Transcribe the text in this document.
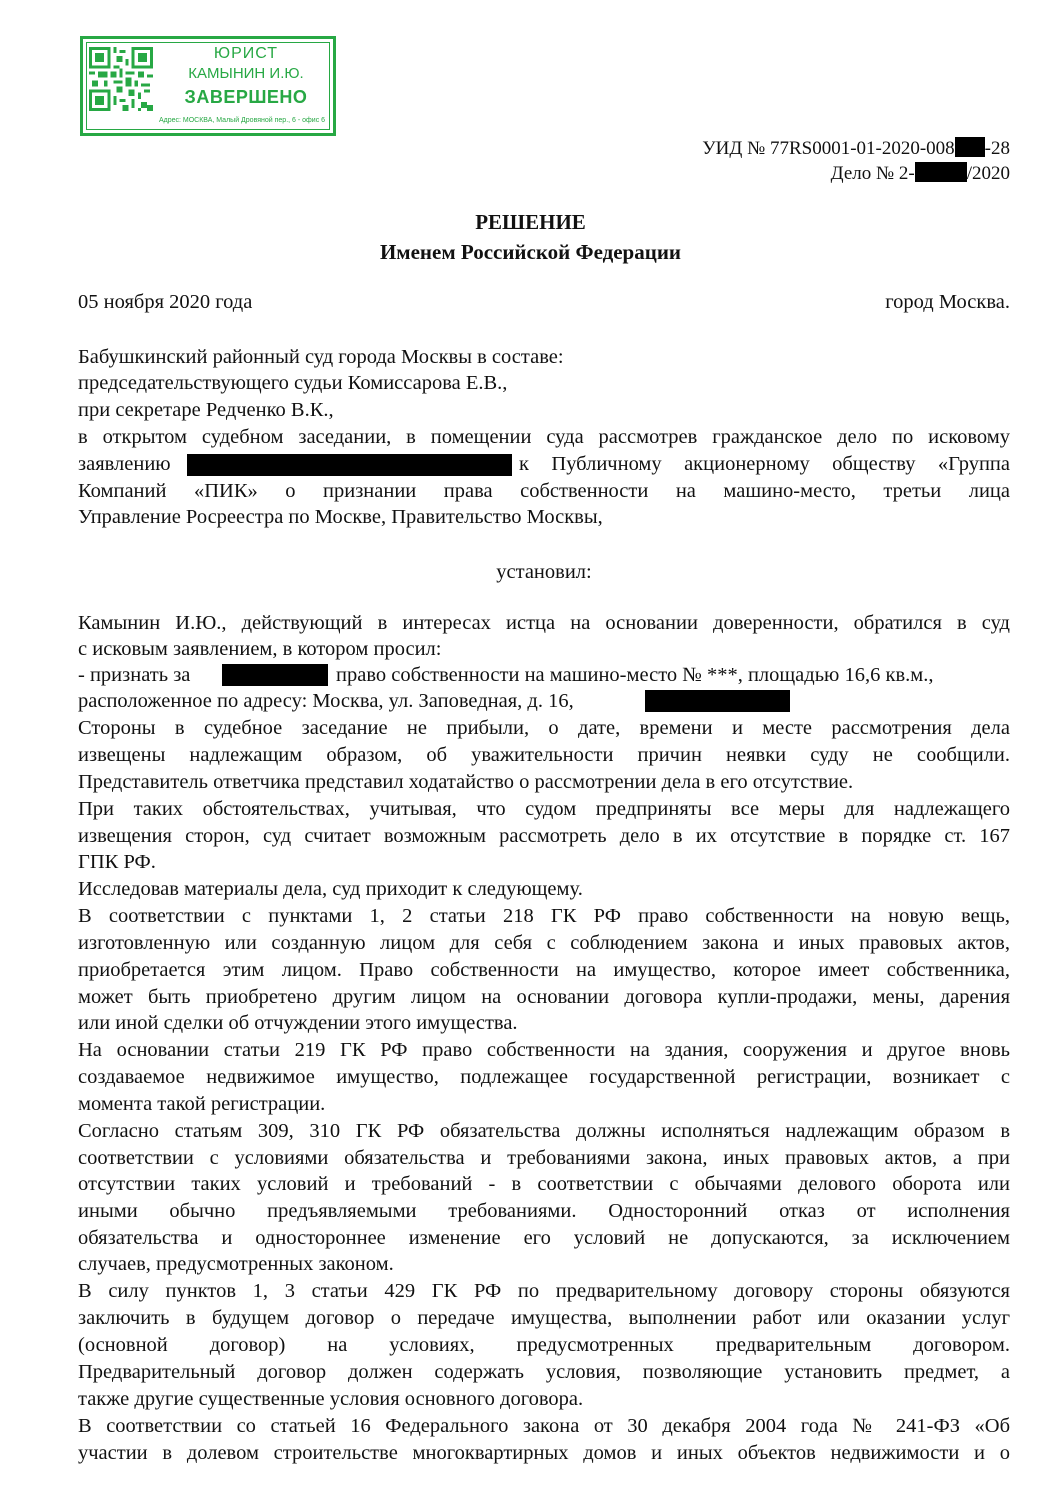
ЮРИСТ
КАМЫНИН И.Ю.
ЗАВЕРШЕНО
Адрес: МОСКВА, Малый Дровяной пер., 6 - офис 6
УИД № 77RS0001-01-2020-008 -28
Дело № 2-	/2020
РЕШЕНИЕ
Именем Российской Федерации
05 ноября 2020 года	город Москва.
Бабушкинский районный суд города Москвы в составе:
председательствующего судьи Комиссарова Е.В.,
при секретаре Редченко В.К.,
в открытом судебном заседании, в помещении суда рассмотрев гражданское дело по исковому
заявлению	к Публичному акционерному обществу «Группа
Компаний «ПИК» о признании права собственности на машино-место, третьи лица
Управление Росреестра по Москве, Правительство Москвы,
установил:
Камынин И.Ю., действующий в интересах истца на основании доверенности, обратился в суд
с исковым заявлением, в котором просил:
- признать за	право собственности на машино-место № ***, площадью 16,6 кв.м.,
расположенное по адресу: Москва, ул. Заповедная, д. 16,
Стороны в судебное заседание не прибыли, о дате, времени и месте рассмотрения дела
извещены надлежащим образом, об уважительности причин неявки суду не сообщили.
Представитель ответчика представил ходатайство о рассмотрении дела в его отсутствие.
При таких обстоятельствах, учитывая, что судом предприняты все меры для надлежащего
извещения сторон, суд считает возможным рассмотреть дело в их отсутствие в порядке ст. 167
ГПК РФ.
Исследовав материалы дела, суд приходит к следующему.
В соответствии с пунктами 1, 2 статьи 218 ГК РФ право собственности на новую вещь,
изготовленную или созданную лицом для себя с соблюдением закона и иных правовых актов,
приобретается этим лицом. Право собственности на имущество, которое имеет собственника,
может быть приобретено другим лицом на основании договора купли-продажи, мены, дарения
или иной сделки об отчуждении этого имущества.
На основании статьи 219 ГК РФ право собственности на здания, сооружения и другое вновь
создаваемое недвижимое имущество, подлежащее государственной регистрации, возникает с
момента такой регистрации.
Согласно статьям 309, 310 ГК РФ обязательства должны исполняться надлежащим образом в
соответствии с условиями обязательства и требованиями закона, иных правовых актов, а при
отсутствии таких условий и требований - в соответствии с обычаями делового оборота или
иными обычно предъявляемыми требованиями. Односторонний отказ от исполнения
обязательства и одностороннее изменение его условий не допускаются, за исключением
случаев, предусмотренных законом.
В силу пунктов 1, 3 статьи 429 ГК РФ по предварительному договору стороны обязуются
заключить в будущем договор о передаче имущества, выполнении работ или оказании услуг
(основной договор) на условиях, предусмотренных предварительным договором.
Предварительный договор должен содержать условия, позволяющие установить предмет, а
также другие существенные условия основного договора.
В соответствии со статьей 16 Федерального закона от 30 декабря 2004 года № 241-ФЗ «Об
участии в долевом строительстве многоквартирных домов и иных объектов недвижимости и о
